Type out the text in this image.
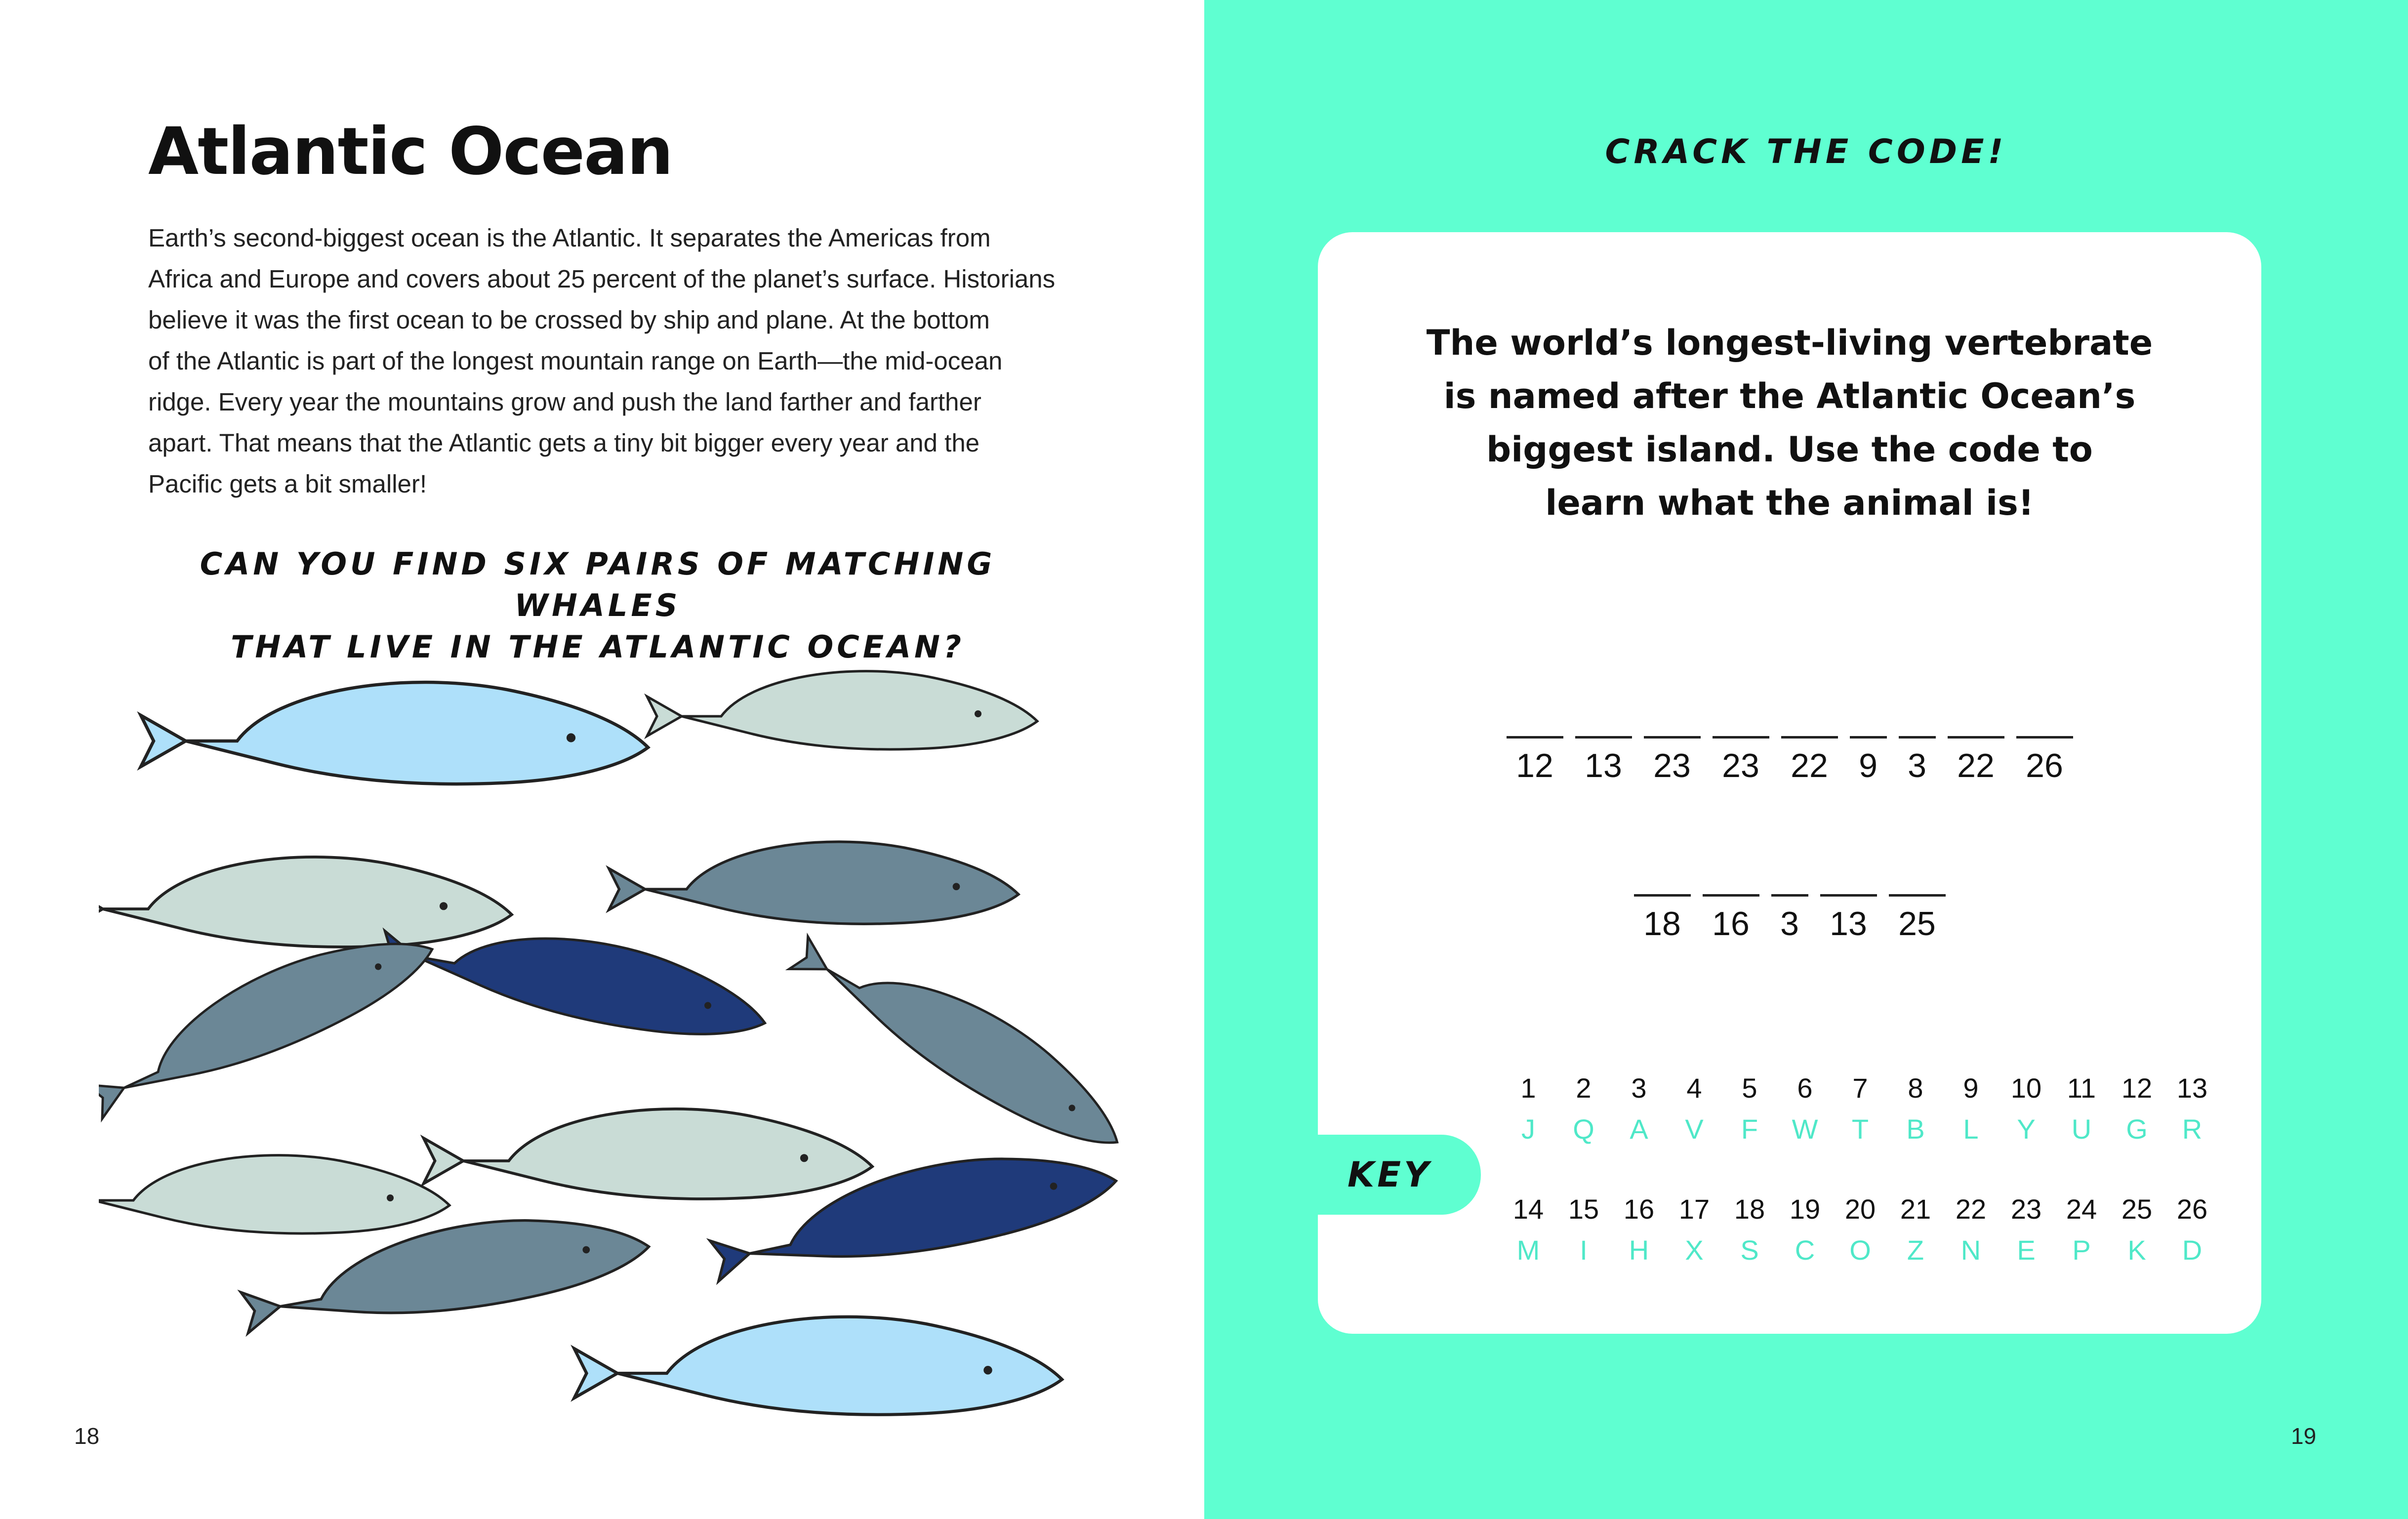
Atlantic Ocean

Earth’s second-biggest ocean is the Atlantic. It separates the Americas from
Africa and Europe and covers about 25 percent of the planet’s surface. Historians
believe it was the first ocean to be crossed by ship and plane. At the bottom
of the Atlantic is part of the longest mountain range on Earth—the mid-ocean
ridge. Every year the mountains grow and push the land farther and farther
apart. That means that the Atlantic gets a tiny bit bigger every year and the
Pacific gets a bit smaller!

CAN YOU FIND SIX PAIRS OF MATCHING WHALES
THAT LIVE IN THE ATLANTIC OCEAN?
18
CRACK THE CODE!
The world’s longest-living vertebrate
is named after the Atlantic Ocean’s
biggest island. Use the code to
learn what the animal is!
12 13 23 23 22 9 3 22 26
18 16 3 13 25
1
J
2
Q
3
A
4
V
5
F
6
W
7
T
8
B
9
L
10
Y
11
U
12
G
13
R
14
M
15
I
16
H
17
X
18
S
19
C
20
O
21
Z
22
N
23
E
24
P
25
K
26
D
KEY
19
